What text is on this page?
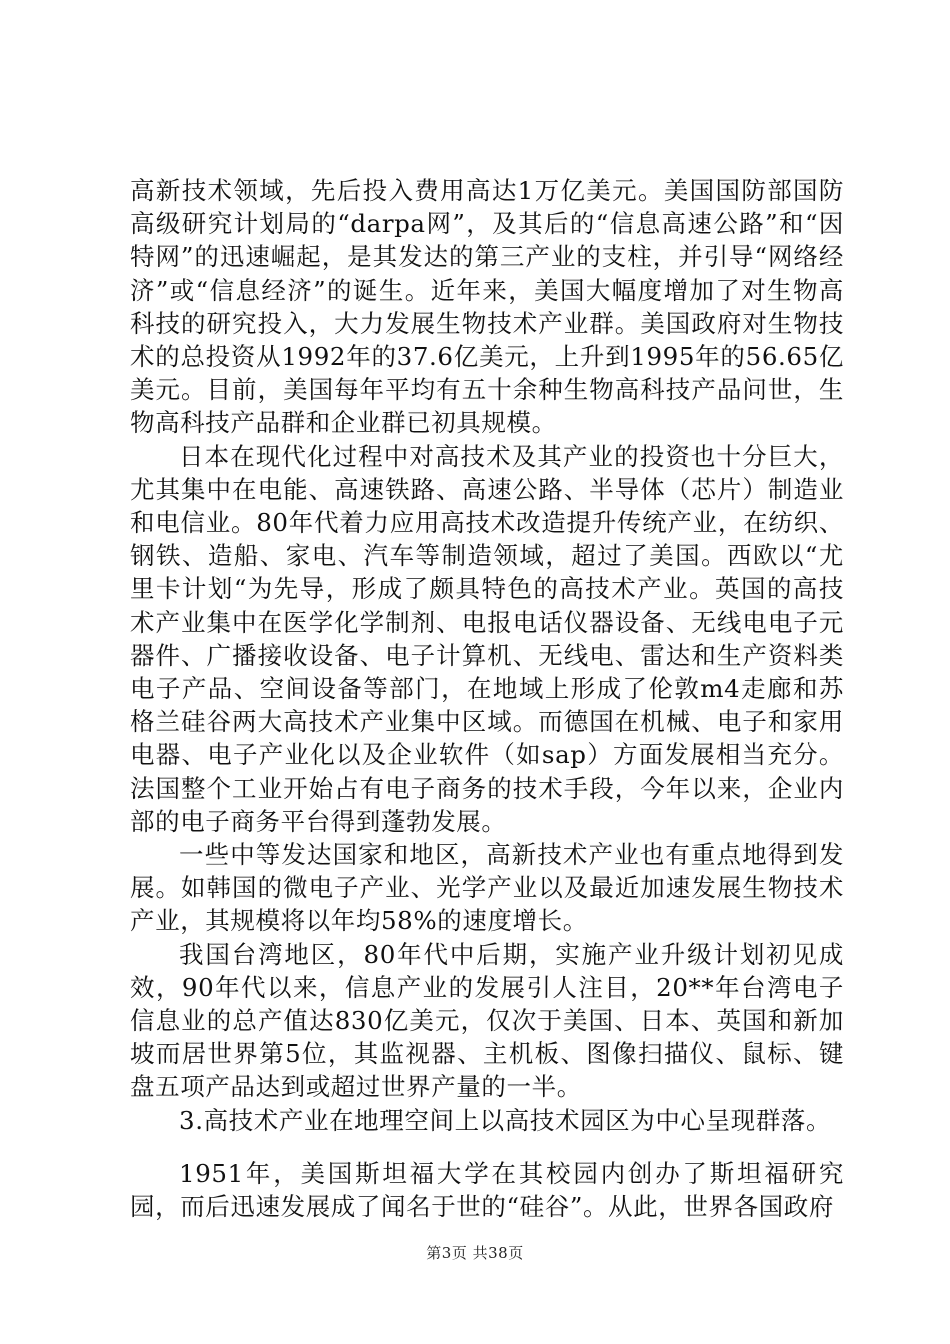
高新技术领域，先后投入费用高达1万亿美元。美国国防部国防高级研究计划局的“darpa网”，及其后的“信息高速公路”和“因特网”的迅速崛起，是其发达的第三产业的支柱，并引导“网络经济”或“信息经济”的诞生。近年来，美国大幅度增加了对生物高科技的研究投入，大力发展生物技术产业群。美国政府对生物技术的总投资从1992年的37.6亿美元，上升到1995年的56.65亿美元。目前，美国每年平均有五十余种生物高科技产品问世，生物高科技产品群和企业群已初具规模。

日本在现代化过程中对高技术及其产业的投资也十分巨大，尤其集中在电能、高速铁路、高速公路、半导体（芯片）制造业和电信业。80年代着力应用高技术改造提升传统产业，在纺织、钢铁、造船、家电、汽车等制造领域，超过了美国。西欧以“尤里卡计划“为先导，形成了颇具特色的高技术产业。英国的高技术产业集中在医学化学制剂、电报电话仪器设备、无线电电子元器件、广播接收设备、电子计算机、无线电、雷达和生产资料类电子产品、空间设备等部门，在地域上形成了伦敦m4走廊和苏格兰硅谷两大高技术产业集中区域。而德国在机械、电子和家用电器、电子产业化以及企业软件（如sap）方面发展相当充分。法国整个工业开始占有电子商务的技术手段，今年以来，企业内部的电子商务平台得到蓬勃发展。

一些中等发达国家和地区，高新技术产业也有重点地得到发展。如韩国的微电子产业、光学产业以及最近加速发展生物技术产业，其规模将以年均58%的速度增长。

我国台湾地区，80年代中后期，实施产业升级计划初见成效，90年代以来，信息产业的发展引人注目，20**年台湾电子信息业的总产值达830亿美元，仅次于美国、日本、英国和新加坡而居世界第5位，其监视器、主机板、图像扫描仪、鼠标、键盘五项产品达到或超过世界产量的一半。

3.高技术产业在地理空间上以高技术园区为中心呈现群落。

1951年，美国斯坦福大学在其校园内创办了斯坦福研究园，而后迅速发展成了闻名于世的“硅谷”。从此，世界各国政府

第3页 共38页
